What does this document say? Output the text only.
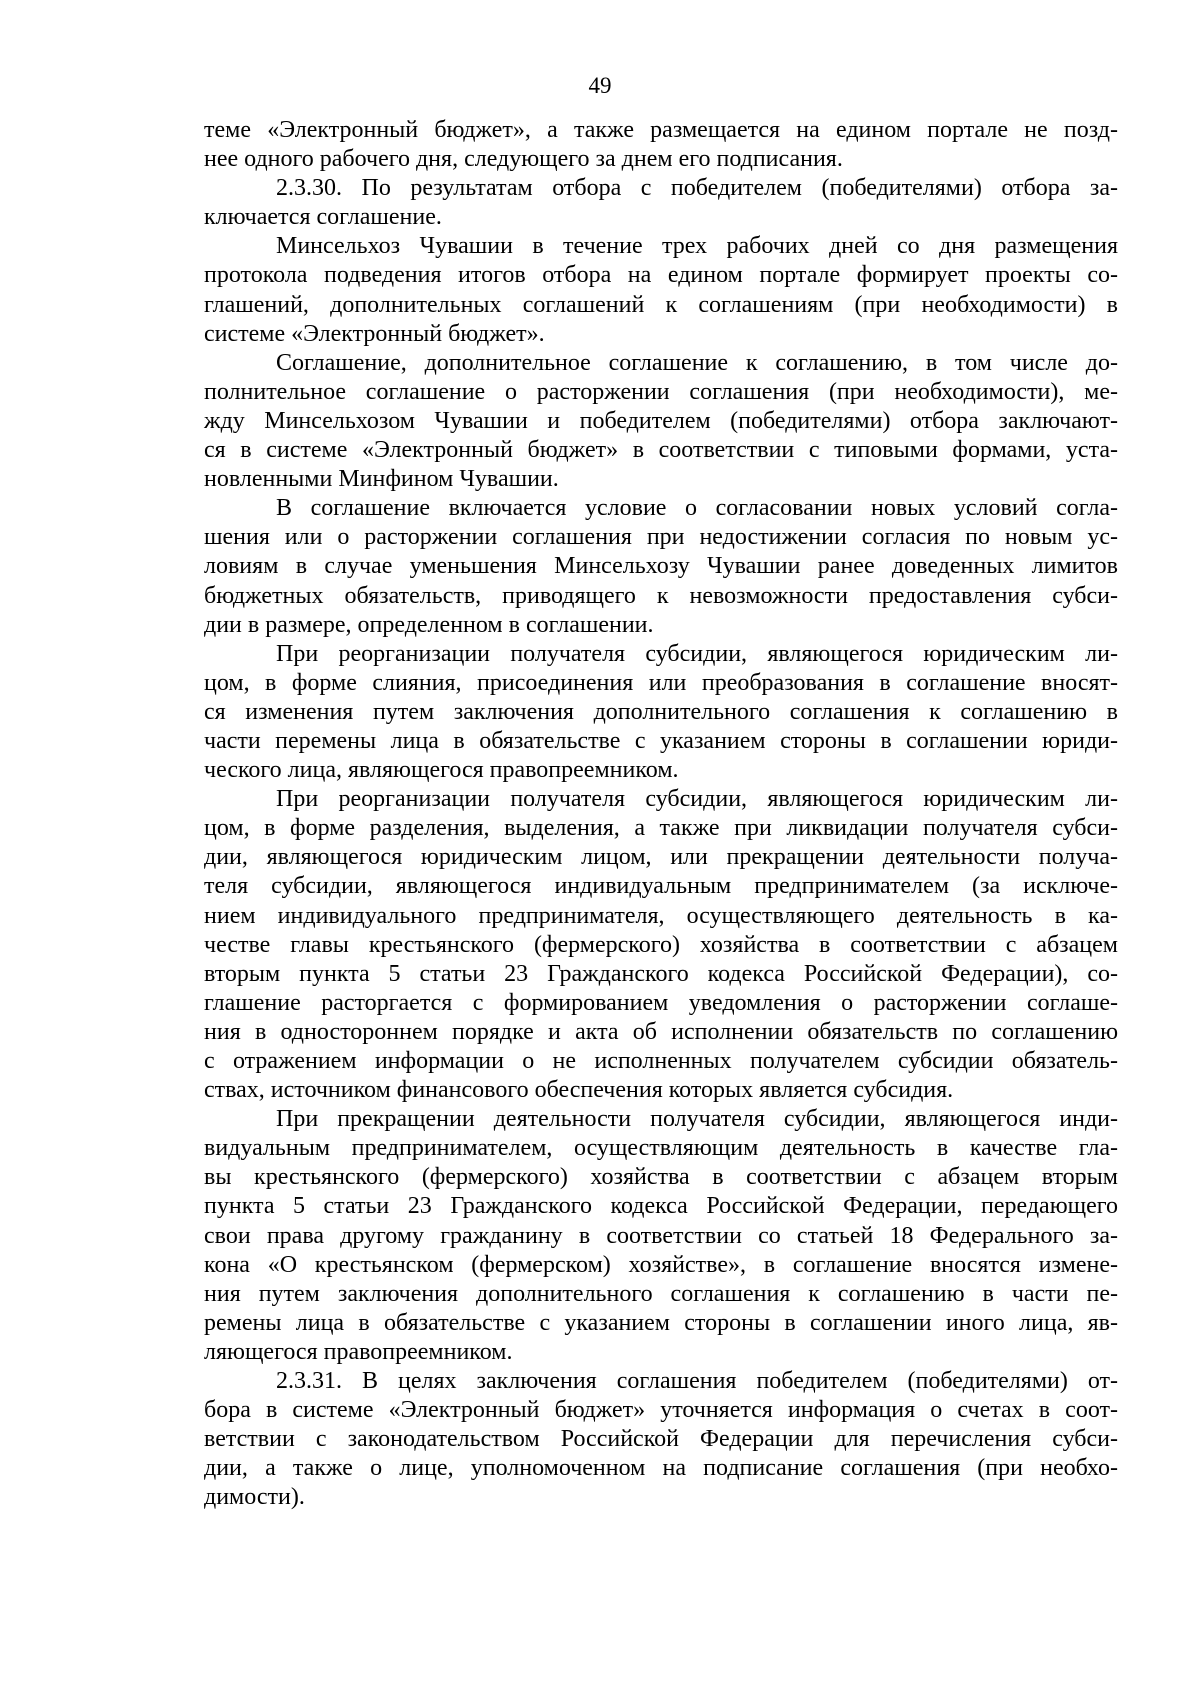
49
теме «Электронный бюджет», а также размещается на едином портале не позд-
нее одного рабочего дня, следующего за днем его подписания.
2.3.30. По результатам отбора с победителем (победителями) отбора за-
ключается соглашение.
Минсельхоз Чувашии в течение трех рабочих дней со дня размещения
протокола подведения итогов отбора на едином портале формирует проекты со-
глашений, дополнительных соглашений к соглашениям (при необходимости) в
системе «Электронный бюджет».
Соглашение, дополнительное соглашение к соглашению, в том числе до-
полнительное соглашение о расторжении соглашения (при необходимости), ме-
жду Минсельхозом Чувашии и победителем (победителями) отбора заключают-
ся в системе «Электронный бюджет» в соответствии с типовыми формами, уста-
новленными Минфином Чувашии.
В соглашение включается условие о согласовании новых условий согла-
шения или о расторжении соглашения при недостижении согласия по новым ус-
ловиям в случае уменьшения Минсельхозу Чувашии ранее доведенных лимитов
бюджетных обязательств, приводящего к невозможности предоставления субси-
дии в размере, определенном в соглашении.
При реорганизации получателя субсидии, являющегося юридическим ли-
цом, в форме слияния, присоединения или преобразования в соглашение вносят-
ся изменения путем заключения дополнительного соглашения к соглашению в
части перемены лица в обязательстве с указанием стороны в соглашении юриди-
ческого лица, являющегося правопреемником.
При реорганизации получателя субсидии, являющегося юридическим ли-
цом, в форме разделения, выделения, а также при ликвидации получателя субси-
дии, являющегося юридическим лицом, или прекращении деятельности получа-
теля субсидии, являющегося индивидуальным предпринимателем (за исключе-
нием индивидуального предпринимателя, осуществляющего деятельность в ка-
честве главы крестьянского (фермерского) хозяйства в соответствии с абзацем
вторым пункта 5 статьи 23 Гражданского кодекса Российской Федерации), со-
глашение расторгается с формированием уведомления о расторжении соглаше-
ния в одностороннем порядке и акта об исполнении обязательств по соглашению
с отражением информации о не исполненных получателем субсидии обязатель-
ствах, источником финансового обеспечения которых является субсидия.
При прекращении деятельности получателя субсидии, являющегося инди-
видуальным предпринимателем, осуществляющим деятельность в качестве гла-
вы крестьянского (фермерского) хозяйства в соответствии с абзацем вторым
пункта 5 статьи 23 Гражданского кодекса Российской Федерации, передающего
свои права другому гражданину в соответствии со статьей 18 Федерального за-
кона «О крестьянском (фермерском) хозяйстве», в соглашение вносятся измене-
ния путем заключения дополнительного соглашения к соглашению в части пе-
ремены лица в обязательстве с указанием стороны в соглашении иного лица, яв-
ляющегося правопреемником.
2.3.31. В целях заключения соглашения победителем (победителями) от-
бора в системе «Электронный бюджет» уточняется информация о счетах в соот-
ветствии с законодательством Российской Федерации для перечисления субси-
дии, а также о лице, уполномоченном на подписание соглашения (при необхо-
димости).
